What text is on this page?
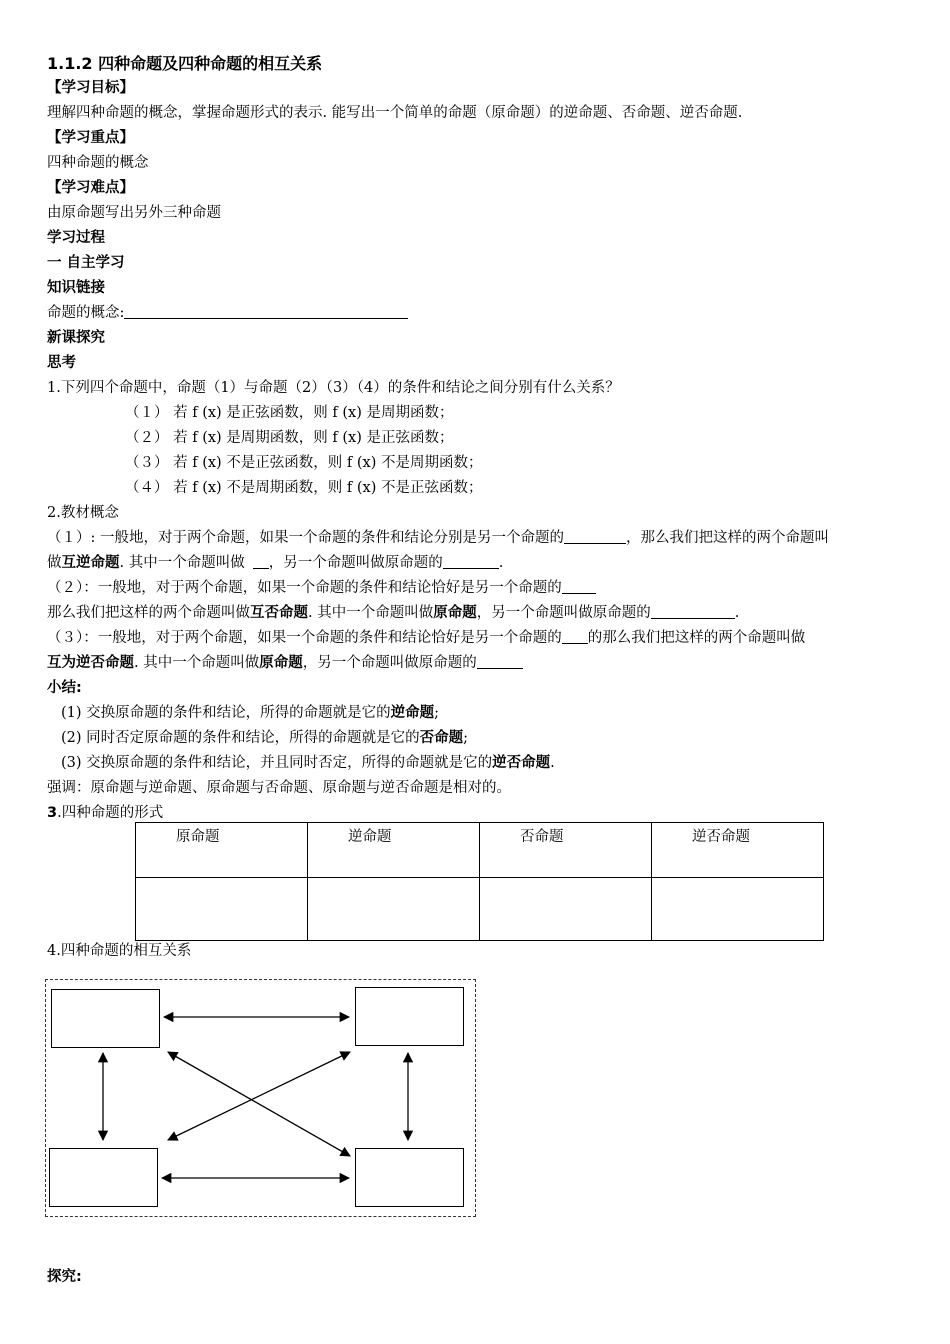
1.1.2 四种命题及四种命题的相互关系
【学习目标】
理解四种命题的概念，掌握命题形式的表示. 能写出一个简单的命题（原命题）的逆命题、否命题、逆否命题.
【学习重点】
四种命题的概念
【学习难点】
由原命题写出另外三种命题
学习过程
一 自主学习
知识链接
命题的概念:
新课探究
思考
1.下列四个命题中，命题（1）与命题（2）（3）（4）的条件和结论之间分别有什么关系？
（１） 若 f (x) 是正弦函数，则 f (x) 是周期函数；
（２） 若 f (x) 是周期函数，则 f (x) 是正弦函数；
（３） 若 f (x) 不是正弦函数，则 f (x) 不是周期函数；
（４） 若 f (x) 不是周期函数，则 f (x) 不是正弦函数；
2.教材概念
（１）: 一般地，对于两个命题，如果一个命题的条件和结论分别是另一个命题的	，那么我们把这样的两个命题叫
做互逆命题. 其中一个命题叫做 ，另一个命题叫做原命题的	.
（２）：一般地，对于两个命题，如果一个命题的条件和结论恰好是另一个命题的
那么我们把这样的两个命题叫做互否命题. 其中一个命题叫做原命题，另一个命题叫做原命题的	.
（３）：一般地，对于两个命题，如果一个命题的条件和结论恰好是另一个命题的 的那么我们把这样的两个命题叫做
互为逆否命题. 其中一个命题叫做原命题，另一个命题叫做原命题的
小结:
(1) 交换原命题的条件和结论，所得的命题就是它的逆命题;
(2) 同时否定原命题的条件和结论，所得的命题就是它的否命题;
(3) 交换原命题的条件和结论，并且同时否定，所得的命题就是它的逆否命题.
强调：原命题与逆命题、原命题与否命题、原命题与逆否命题是相对的。
3.四种命题的形式
原命题	逆命题	否命题	逆否命题

4.四种命题的相互关系
探究:
